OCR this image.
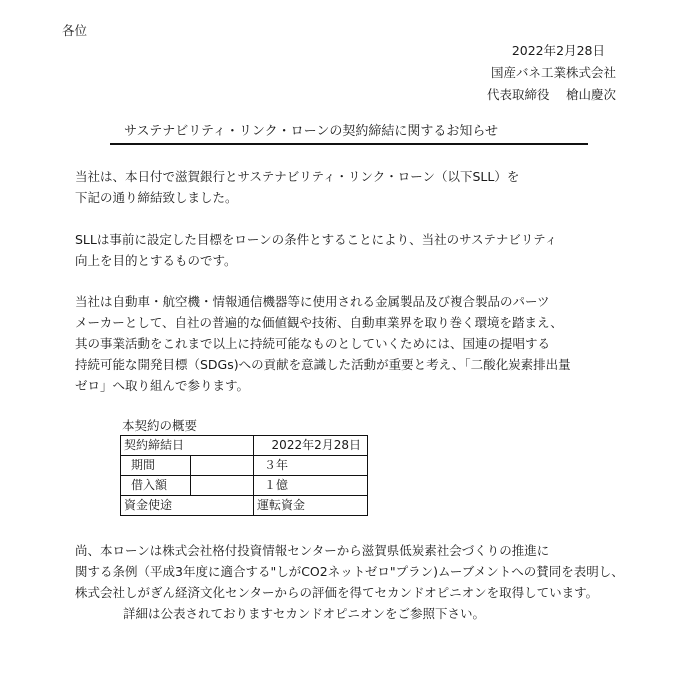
各位
2022年2月28日
国産バネ工業株式会社
代表取締役　 槍山慶次
サステナビリティ・リンク・ローンの契約締結に関するお知らせ
当社は、本日付で滋賀銀行とサステナビリティ・リンク・ローン（以下SLL）を
下記の通り締結致しました。
SLLは事前に設定した目標をローンの条件とすることにより、当社のサステナビリティ
向上を目的とするものです。
当社は自動車・航空機・情報通信機器等に使用される金属製品及び複合製品のパーツ
メーカーとして、自社の普遍的な価値観や技術、自動車業界を取り巻く環境を踏まえ、
其の事業活動をこれまで以上に持続可能なものとしていくためには、国連の提唱する
持続可能な開発目標（SDGs)への貢献を意識した活動が重要と考え、「二酸化炭素排出量
ゼロ」へ取り組んで参ります。
本契約の概要
契約締結日		2022年2月28日
期間		３年
借入額		１億
資金使途		運転資金
尚、本ローンは株式会社格付投資情報センターから滋賀県低炭素社会づくりの推進に
関する条例（平成3年度に適合する"しがCO2ネットゼロ"プラン)ムーブメントへの賛同を表明し、
株式会社しがぎん経済文化センターからの評価を得てセカンドオピニオンを取得しています。
詳細は公表されておりますセカンドオピニオンをご参照下さい。
